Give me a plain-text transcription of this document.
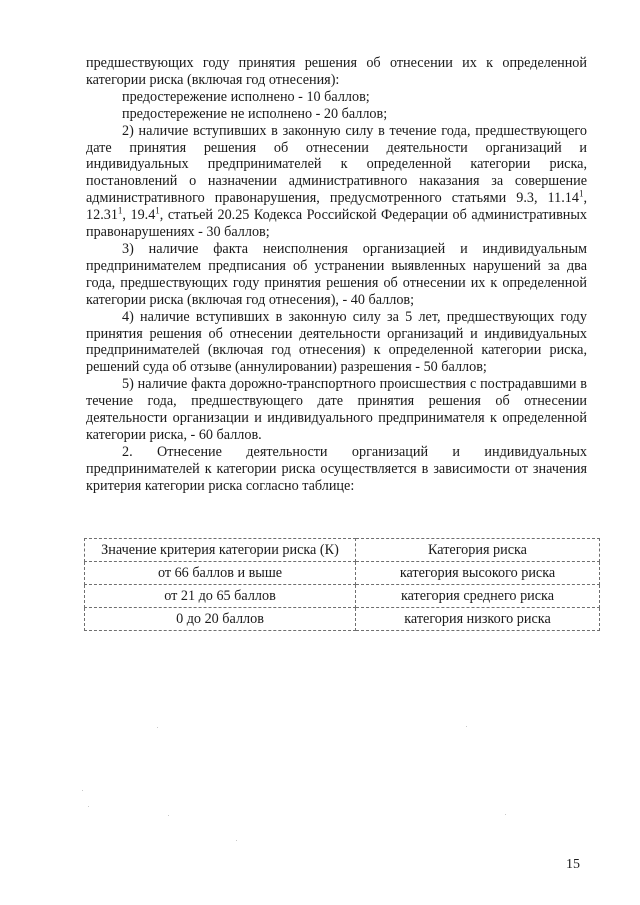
предшествующих году принятия решения об отнесении их к определенной категории риска (включая год отнесения):

предостережение исполнено - 10 баллов;

предостережение не исполнено - 20 баллов;

2) наличие вступивших в законную силу в течение года, предшествующего дате принятия решения об отнесении деятельности организаций и индивидуальных предпринимателей к определенной категории риска, постановлений о назначении административного наказания за совершение административного правонарушения, предусмотренного статьями 9.3, 11.14$^1$, 12.31$^1$, 19.4$^1$, статьей 20.25 Кодекса Российской Федерации об административных правонарушениях - 30 баллов;

3) наличие факта неисполнения организацией и индивидуальным предпринимателем предписания об устранении выявленных нарушений за два года, предшествующих году принятия решения об отнесении их к определенной категории риска (включая год отнесения), - 40 баллов;

4) наличие вступивших в законную силу за 5 лет, предшествующих году принятия решения об отнесении деятельности организаций и индивидуальных предпринимателей (включая год отнесения) к определенной категории риска, решений суда об отзыве (аннулировании) разрешения - 50 баллов;

5) наличие факта дорожно-транспортного происшествия с пострадавшими в течение года, предшествующего дате принятия решения об отнесении деятельности организации и индивидуального предпринимателя к определенной категории риска, - 60 баллов.

2. Отнесение деятельности организаций и индивидуальных предпринимателей к категории риска осуществляется в зависимости от значения критерия категории риска согласно таблице:

Значение критерия категории риска (К)	Категория риска
от 66 баллов и выше	категория высокого риска
от 21 до 65 баллов	категория среднего риска
0 до 20 баллов	категория низкого риска
15
